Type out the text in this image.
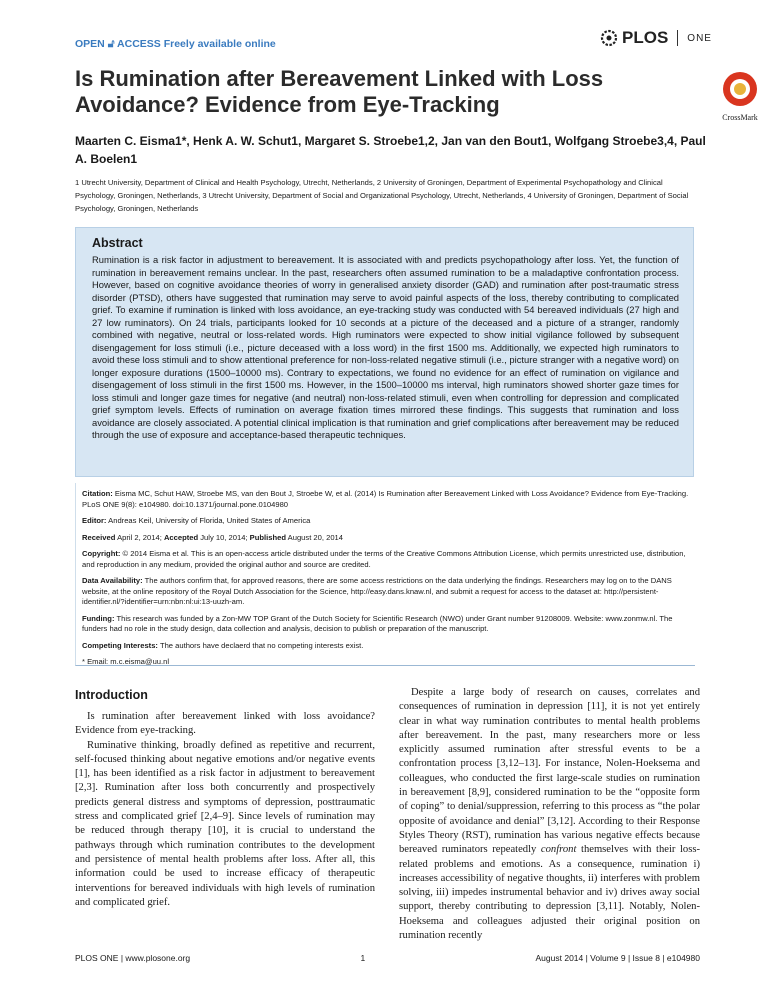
OPEN 🔓︎ ACCESS Freely available online	PLOS ONE
Is Rumination after Bereavement Linked with Loss Avoidance? Evidence from Eye-Tracking
CrossMark
Maarten C. Eisma1*, Henk A. W. Schut1, Margaret S. Stroebe1,2, Jan van den Bout1, Wolfgang Stroebe3,4, Paul A. Boelen1
1 Utrecht University, Department of Clinical and Health Psychology, Utrecht, Netherlands, 2 University of Groningen, Department of Experimental Psychopathology and Clinical Psychology, Groningen, Netherlands, 3 Utrecht University, Department of Social and Organizational Psychology, Utrecht, Netherlands, 4 University of Groningen, Department of Social Psychology, Groningen, Netherlands
Abstract
Rumination is a risk factor in adjustment to bereavement. It is associated with and predicts psychopathology after loss. Yet, the function of rumination in bereavement remains unclear. In the past, researchers often assumed rumination to be a maladaptive confrontation process. However, based on cognitive avoidance theories of worry in generalised anxiety disorder (GAD) and rumination after post-traumatic stress disorder (PTSD), others have suggested that rumination may serve to avoid painful aspects of the loss, thereby contributing to complicated grief. To examine if rumination is linked with loss avoidance, an eye-tracking study was conducted with 54 bereaved individuals (27 high and 27 low ruminators). On 24 trials, participants looked for 10 seconds at a picture of the deceased and a picture of a stranger, randomly combined with negative, neutral or loss-related words. High ruminators were expected to show initial vigilance followed by subsequent disengagement for loss stimuli (i.e., picture deceased with a loss word) in the first 1500 ms. Additionally, we expected high ruminators to avoid these loss stimuli and to show attentional preference for non-loss-related negative stimuli (i.e., picture stranger with a negative word) on longer exposure durations (1500–10000 ms). Contrary to expectations, we found no evidence for an effect of rumination on vigilance and disengagement of loss stimuli in the first 1500 ms. However, in the 1500–10000 ms interval, high ruminators showed shorter gaze times for loss stimuli and longer gaze times for negative (and neutral) non-loss-related stimuli, even when controlling for depression and complicated grief symptom levels. Effects of rumination on average fixation times mirrored these findings. This suggests that rumination and loss avoidance are closely associated. A potential clinical implication is that rumination and grief complications after bereavement may be reduced through the use of exposure and acceptance-based therapeutic techniques.

Citation: Eisma MC, Schut HAW, Stroebe MS, van den Bout J, Stroebe W, et al. (2014) Is Rumination after Bereavement Linked with Loss Avoidance? Evidence from Eye-Tracking. PLoS ONE 9(8): e104980. doi:10.1371/journal.pone.0104980

Editor: Andreas Keil, University of Florida, United States of America

Received April 2, 2014; Accepted July 10, 2014; Published August 20, 2014

Copyright: © 2014 Eisma et al. This is an open-access article distributed under the terms of the Creative Commons Attribution License, which permits unrestricted use, distribution, and reproduction in any medium, provided the original author and source are credited.

Data Availability: The authors confirm that, for approved reasons, there are some access restrictions on the data underlying the findings. Researchers may log on to the DANS website, at the online repository of the Royal Dutch Association for the Science, http://easy.dans.knaw.nl, and submit a request for access to the dataset at: http://persistent-identifier.nl/?identifier=urn:nbn:nl:ui:13-uuzh-am.

Funding: This research was funded by a Zon-MW TOP Grant of the Dutch Society for Scientific Research (NWO) under Grant number 91208009. Website: www.zonmw.nl. The funders had no role in the study design, data collection and analysis, decision to publish or preparation of the manuscript.

Competing Interests: The authors have declaerd that no competing interests exist.

* Email: m.c.eisma@uu.nl

Introduction

Is rumination after bereavement linked with loss avoidance? Evidence from eye-tracking.

Ruminative thinking, broadly defined as repetitive and recurrent, self-focused thinking about negative emotions and/or negative events [1], has been identified as a risk factor in adjustment to bereavement [2,3]. Rumination after loss both concurrently and prospectively predicts general distress and symptoms of depression, posttraumatic stress and complicated grief [2,4–9]. Since levels of rumination may be reduced through therapy [10], it is crucial to understand the pathways through which rumination contributes to the development and persistence of mental health problems after loss. After all, this information could be used to increase efficacy of therapeutic interventions for bereaved individuals with high levels of rumination and complicated grief.

Despite a large body of research on causes, correlates and consequences of rumination in depression [11], it is not yet entirely clear in what way rumination contributes to mental health problems after bereavement. In the past, many researchers more or less explicitly assumed rumination after stressful events to be a confrontation process [3,12–13]. For instance, Nolen-Hoeksema and colleagues, who conducted the first large-scale studies on rumination in bereavement [8,9], considered rumination to be the “opposite form of coping” to denial/suppression, referring to this process as “the polar opposite of avoidance and denial” [3,12]. According to their Response Styles Theory (RST), rumination has various negative effects because bereaved ruminators repeatedly confront themselves with their loss-related problems and emotions. As a consequence, rumination i) increases accessibility of negative thoughts, ii) interferes with problem solving, iii) impedes instrumental behavior and iv) drives away social support, thereby contributing to depression [3,11]. Notably, Nolen-Hoeksema and colleagues adjusted their original position on rumination recently

PLOS ONE | www.plosone.org	1	August 2014 | Volume 9 | Issue 8 | e104980
